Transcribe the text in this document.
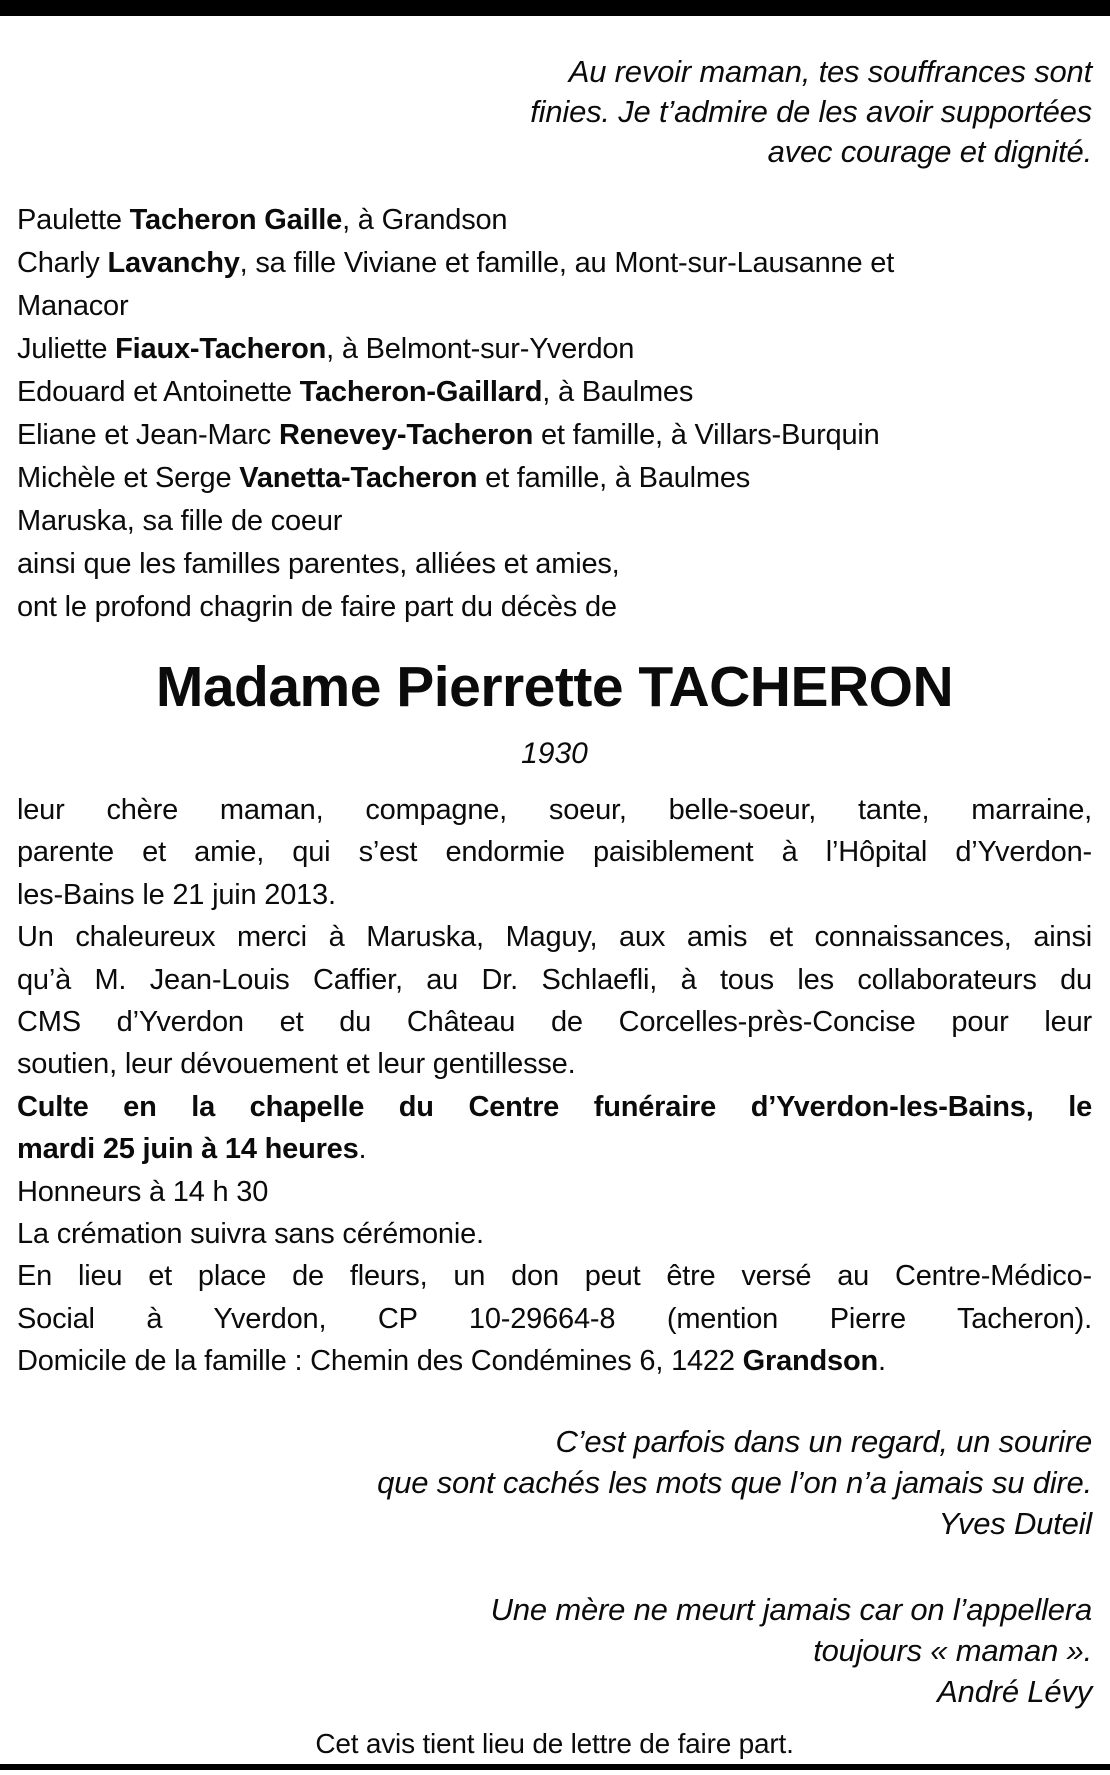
Au revoir maman, tes souffrances sont
finies. Je t’admire de les avoir supportées
avec courage et dignité.
Paulette Tacheron Gaille, à Grandson
Charly Lavanchy, sa fille Viviane et famille, au Mont-sur-Lausanne et
Manacor
Juliette Fiaux-Tacheron, à Belmont-sur-Yverdon
Edouard et Antoinette Tacheron-Gaillard, à Baulmes
Eliane et Jean-Marc Renevey-Tacheron et famille, à Villars-Burquin
Michèle et Serge Vanetta-Tacheron et famille, à Baulmes
Maruska, sa fille de coeur
ainsi que les familles parentes, alliées et amies,
ont le profond chagrin de faire part du décès de
Madame Pierrette TACHERON
1930
leur chère maman, compagne, soeur, belle-soeur, tante, marraine,
parente et amie, qui s’est endormie paisiblement à l’Hôpital d’Yverdon-
les-Bains le 21 juin 2013.
Un chaleureux merci à Maruska, Maguy, aux amis et connaissances, ainsi
qu’à M. Jean-Louis Caffier, au Dr. Schlaefli, à tous les collaborateurs du
CMS d’Yverdon et du Château de Corcelles-près-Concise pour leur
soutien, leur dévouement et leur gentillesse.
Culte en la chapelle du Centre funéraire d’Yverdon-les-Bains, le
mardi 25 juin à 14 heures.
Honneurs à 14 h 30
La crémation suivra sans cérémonie.
En lieu et place de fleurs, un don peut être versé au Centre-Médico-
Social à Yverdon, CP 10-29664-8 (mention Pierre Tacheron).
Domicile de la famille : Chemin des Condémines 6, 1422 Grandson.
C’est parfois dans un regard, un sourire
que sont cachés les mots que l’on n’a jamais su dire.
Yves Duteil
Une mère ne meurt jamais car on l’appellera
toujours « maman ».
André Lévy
Cet avis tient lieu de lettre de faire part.
